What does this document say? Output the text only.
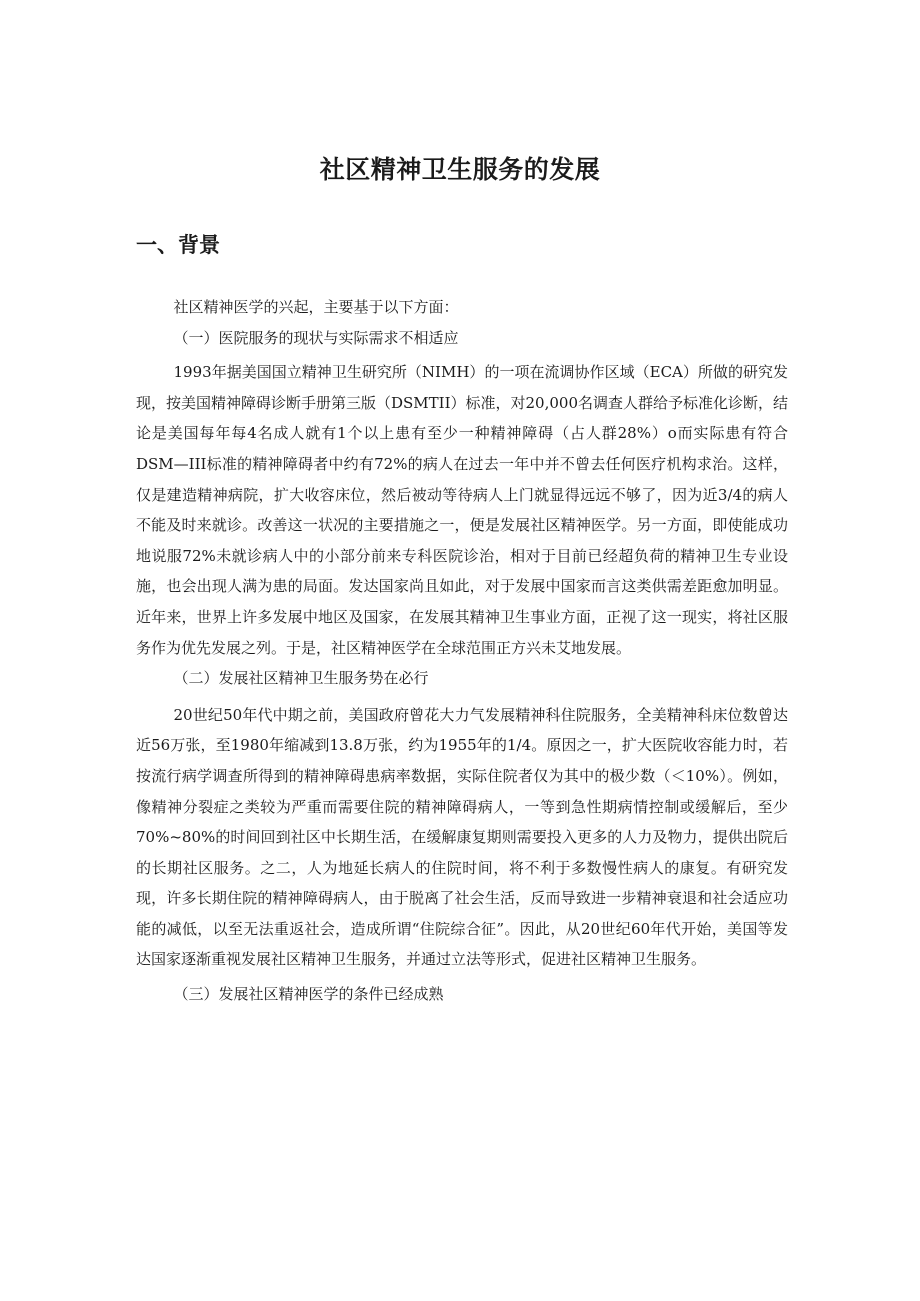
社区精神卫生服务的发展
一、背景

社区精神医学的兴起，主要基于以下方面：

（一）医院服务的现状与实际需求不相适应

1993年据美国国立精神卫生研究所（NIMH）的一项在流调协作区域（ECA）所做的研究发现，按美国精神障碍诊断手册第三版（DSMTII）标准，对20,000名调查人群给予标准化诊断，结论是美国每年每4名成人就有1个以上患有至少一种精神障碍（占人群28%）o而实际患有符合DSM—III标准的精神障碍者中约有72%的病人在过去一年中并不曾去任何医疗机构求治。这样，仅是建造精神病院，扩大收容床位，然后被动等待病人上门就显得远远不够了，因为近3/4的病人不能及时来就诊。改善这一状况的主要措施之一，便是发展社区精神医学。另一方面，即使能成功地说服72%未就诊病人中的小部分前来专科医院诊治，相对于目前已经超负荷的精神卫生专业设施，也会出现人满为患的局面。发达国家尚且如此，对于发展中国家而言这类供需差距愈加明显。近年来，世界上许多发展中地区及国家，在发展其精神卫生事业方面，正视了这一现实，将社区服务作为优先发展之列。于是，社区精神医学在全球范围正方兴未艾地发展。

（二）发展社区精神卫生服务势在必行

20世纪50年代中期之前，美国政府曾花大力气发展精神科住院服务，全美精神科床位数曾达近56万张，至1980年缩减到13.8万张，约为1955年的1/4。原因之一，扩大医院收容能力时，若按流行病学调查所得到的精神障碍患病率数据，实际住院者仅为其中的极少数（＜10%）。例如，像精神分裂症之类较为严重而需要住院的精神障碍病人，一等到急性期病情控制或缓解后，至少70%~80%的时间回到社区中长期生活，在缓解康复期则需要投入更多的人力及物力，提供出院后的长期社区服务。之二，人为地延长病人的住院时间，将不利于多数慢性病人的康复。有研究发现，许多长期住院的精神障碍病人，由于脱离了社会生活，反而导致进一步精神衰退和社会适应功能的减低，以至无法重返社会，造成所谓“住院综合征”。因此，从20世纪60年代开始，美国等发达国家逐渐重视发展社区精神卫生服务，并通过立法等形式，促进社区精神卫生服务。

（三）发展社区精神医学的条件已经成熟
